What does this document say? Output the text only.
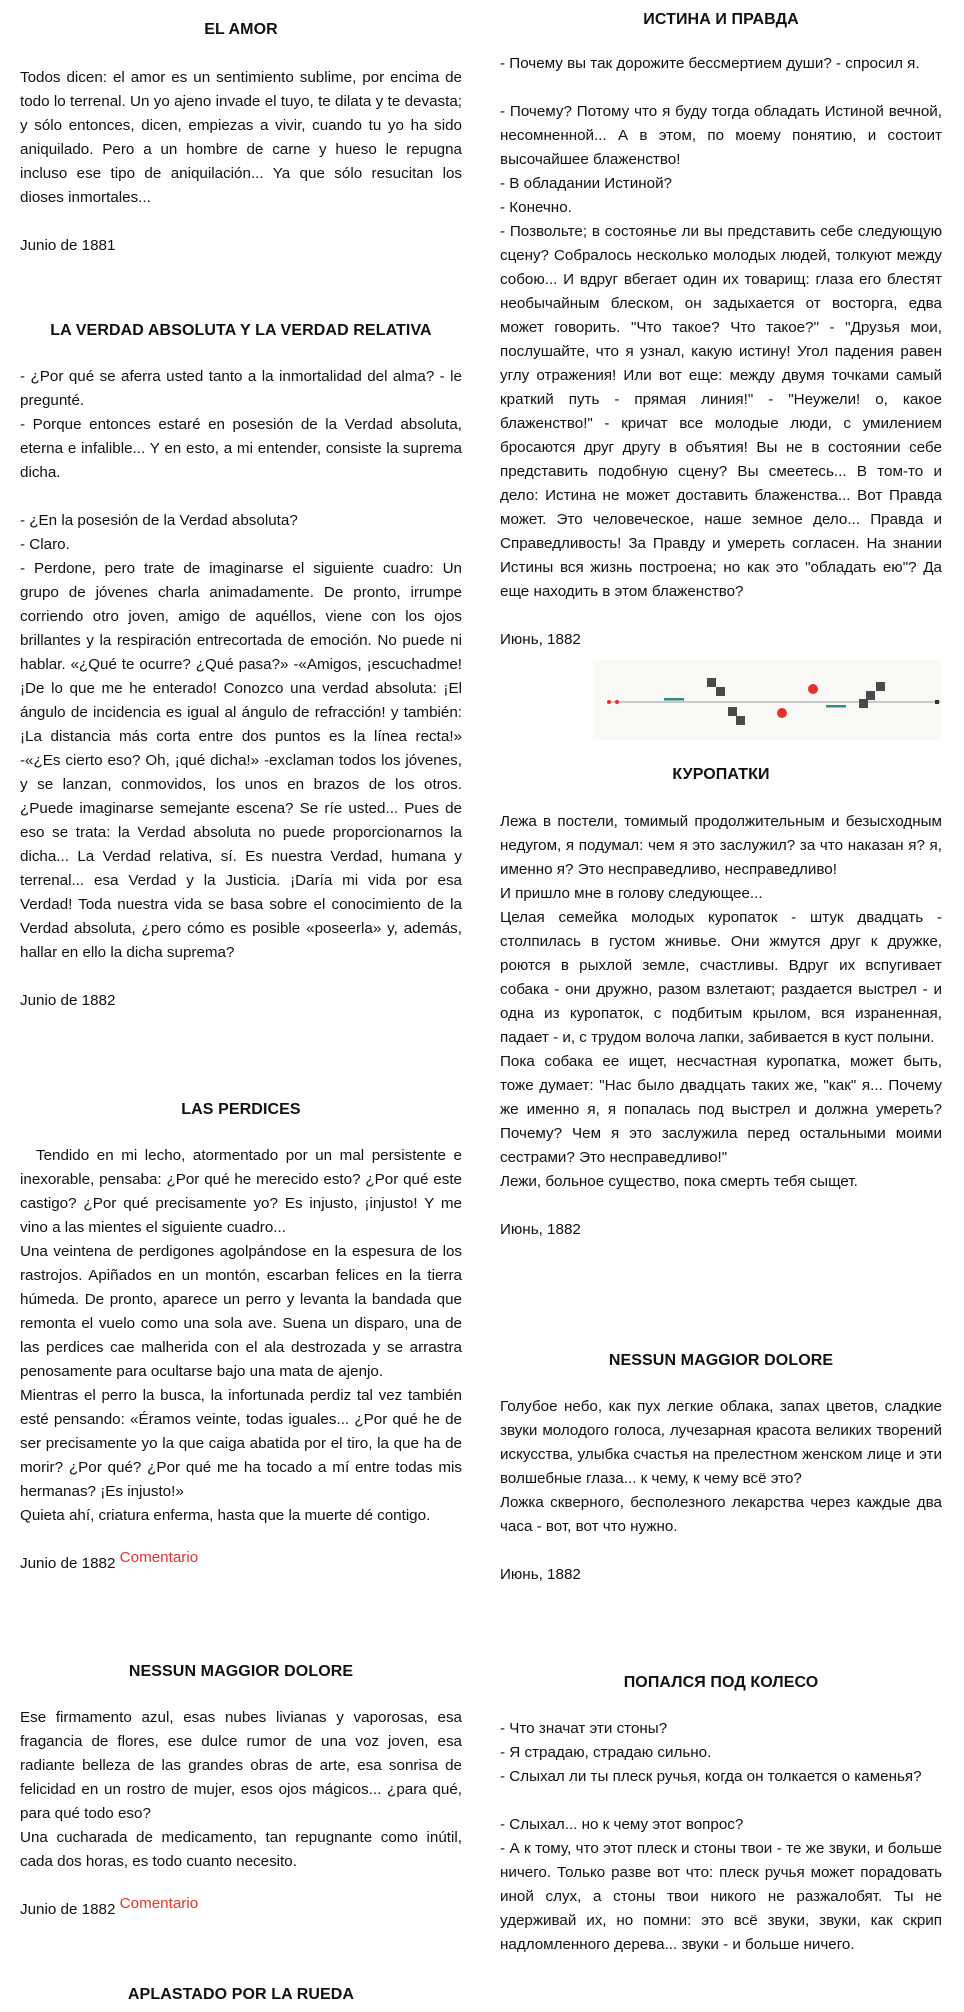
EL AMOR

Todos dicen: el amor es un sentimiento sublime, por encima de todo lo terrenal. Un yo ajeno invade el tuyo, te dilata y te devasta; y sólo entonces, dicen, empiezas a vivir, cuando tu yo ha sido aniquilado. Pero a un hombre de carne y hueso le repugna incluso ese tipo de aniquilación... Ya que sólo resucitan los dioses inmortales...

Junio de 1881

LA VERDAD ABSOLUTA Y LA VERDAD RELATIVA

- ¿Por qué se aferra usted tanto a la inmortalidad del alma? - le pregunté.

- Porque entonces estaré en posesión de la Verdad absoluta, eterna e infalible... Y en esto, a mi entender, consiste la suprema dicha.

- ¿En la posesión de la Verdad absoluta?

- Claro.

- Perdone, pero trate de imaginarse el siguiente cuadro: Un grupo de jóvenes charla animadamente. De pronto, irrumpe corriendo otro joven, amigo de aquéllos, viene con los ojos brillantes y la respiración entrecortada de emoción. No puede ni hablar. «¿Qué te ocurre? ¿Qué pasa?» -«Amigos, ¡escuchadme! ¡De lo que me he enterado! Conozco una verdad absoluta: ¡El ángulo de incidencia es igual al ángulo de refracción! y también: ¡La distancia más corta entre dos puntos es la línea recta!» -«¿Es cierto eso? Oh, ¡qué dicha!» -exclaman todos los jóvenes, y se lanzan, conmovidos, los unos en brazos de los otros. ¿Puede imaginarse semejante escena? Se ríe usted... Pues de eso se trata: la Verdad absoluta no puede proporcionarnos la dicha... La Verdad relativa, sí. Es nuestra Verdad, humana y terrenal... esa Verdad y la Justicia. ¡Daría mi vida por esa Verdad! Toda nuestra vida se basa sobre el conocimiento de la Verdad absoluta, ¿pero cómo es posible «poseerla» y, además, hallar en ello la dicha suprema?

Junio de 1882

LAS PERDICES

Tendido en mi lecho, atormentado por un mal persistente e inexorable, pensaba: ¿Por qué he merecido esto? ¿Por qué este castigo? ¿Por qué precisamente yo? Es injusto, ¡injusto! Y me vino a las mientes el siguiente cuadro...

Una veintena de perdigones agolpándose en la espesura de los rastrojos. Apiñados en un montón, escarban felices en la tierra húmeda. De pronto, aparece un perro y levanta la bandada que remonta el vuelo como una sola ave. Suena un disparo, una de las perdices cae malherida con el ala destrozada y se arrastra penosamente para ocultarse bajo una mata de ajenjo.

Mientras el perro la busca, la infortunada perdiz tal vez también esté pensando: «Éramos veinte, todas iguales... ¿Por qué he de ser precisamente yo la que caiga abatida por el tiro, la que ha de morir? ¿Por qué? ¿Por qué me ha tocado a mí entre todas mis hermanas? ¡Es injusto!»

Quieta ahí, criatura enferma, hasta que la muerte dé contigo.

Junio de 1882 Comentario

NESSUN MAGGIOR DOLORE

Ese firmamento azul, esas nubes livianas y vaporosas, esa fragancia de flores, ese dulce rumor de una voz joven, esa radiante belleza de las grandes obras de arte, esa sonrisa de felicidad en un rostro de mujer, esos ojos mágicos... ¿para qué, para qué todo eso?

Una cucharada de medicamento, tan repugnante como inútil, cada dos horas, es todo cuanto necesito.

Junio de 1882 Comentario

APLASTADO POR LA RUEDA
ИСТИНА И ПРАВДА

- Почему вы так дорожите бессмертием души? - спросил я.

- Почему? Потому что я буду тогда обладать Истиной вечной, несомненной... А в этом, по моему понятию, и состоит высочайшее блаженство!

- В обладании Истиной?

- Конечно.

- Позвольте; в состоянье ли вы представить себе следующую сцену? Собралось несколько молодых людей, толкуют между собою... И вдруг вбегает один их товарищ: глаза его блестят необычайным блеском, он задыхается от восторга, едва может говорить. "Что такое? Что такое?" - "Друзья мои, послушайте, что я узнал, какую истину! Угол падения равен углу отражения! Или вот еще: между двумя точками самый краткий путь - прямая линия!" - "Неужели! о, какое блаженство!" - кричат все молодые люди, с умилением бросаются друг другу в объятия! Вы не в состоянии себе представить подобную сцену? Вы смеетесь... В том-то и дело: Истина не может доставить блаженства... Вот Правда может. Это человеческое, наше земное дело... Правда и Справедливость! За Правду и умереть согласен. На знании Истины вся жизнь построена; но как это "обладать ею"? Да еще находить в этом блаженство?

Июнь, 1882

КУРОПАТКИ

Лежа в постели, томимый продолжительным и безысходным недугом, я подумал: чем я это заслужил? за что наказан я? я, именно я? Это несправедливо, несправедливо!

И пришло мне в голову следующее...

Целая семейка молодых куропаток - штук двадцать - столпилась в густом жнивье. Они жмутся друг к дружке, роются в рыхлой земле, счастливы. Вдруг их вспугивает собака - они дружно, разом взлетают; раздается выстрел - и одна из куропаток, с подбитым крылом, вся израненная, падает - и, с трудом волоча лапки, забивается в куст полыни.

Пока собака ее ищет, несчастная куропатка, может быть, тоже думает: "Нас было двадцать таких же, "как" я... Почему же именно я, я попалась под выстрел и должна умереть? Почему? Чем я это заслужила перед остальными моими сестрами? Это несправедливо!"

Лежи, больное существо, пока смерть тебя сыщет.

Июнь, 1882

NESSUN MAGGIOR DOLORE

Голубое небо, как пух легкие облака, запах цветов, сладкие звуки молодого голоса, лучезарная красота великих творений искусства, улыбка счастья на прелестном женском лице и эти волшебные глаза... к чему, к чему всё это?

Ложка скверного, бесполезного лекарства через каждые два часа - вот, вот что нужно.

Июнь, 1882

ПОПАЛСЯ ПОД КОЛЕСО

- Что значат эти стоны?

- Я страдаю, страдаю сильно.

- Слыхал ли ты плеск ручья, когда он толкается о каменья?

- Слыхал... но к чему этот вопрос?

- А к тому, что этот плеск и стоны твои - те же звуки, и больше ничего. Только разве вот что: плеск ручья может порадовать иной слух, а стоны твои никого не разжалобят. Ты не удерживай их, но помни: это всё звуки, звуки, как скрип надломленного дерева... звуки - и больше ничего.
